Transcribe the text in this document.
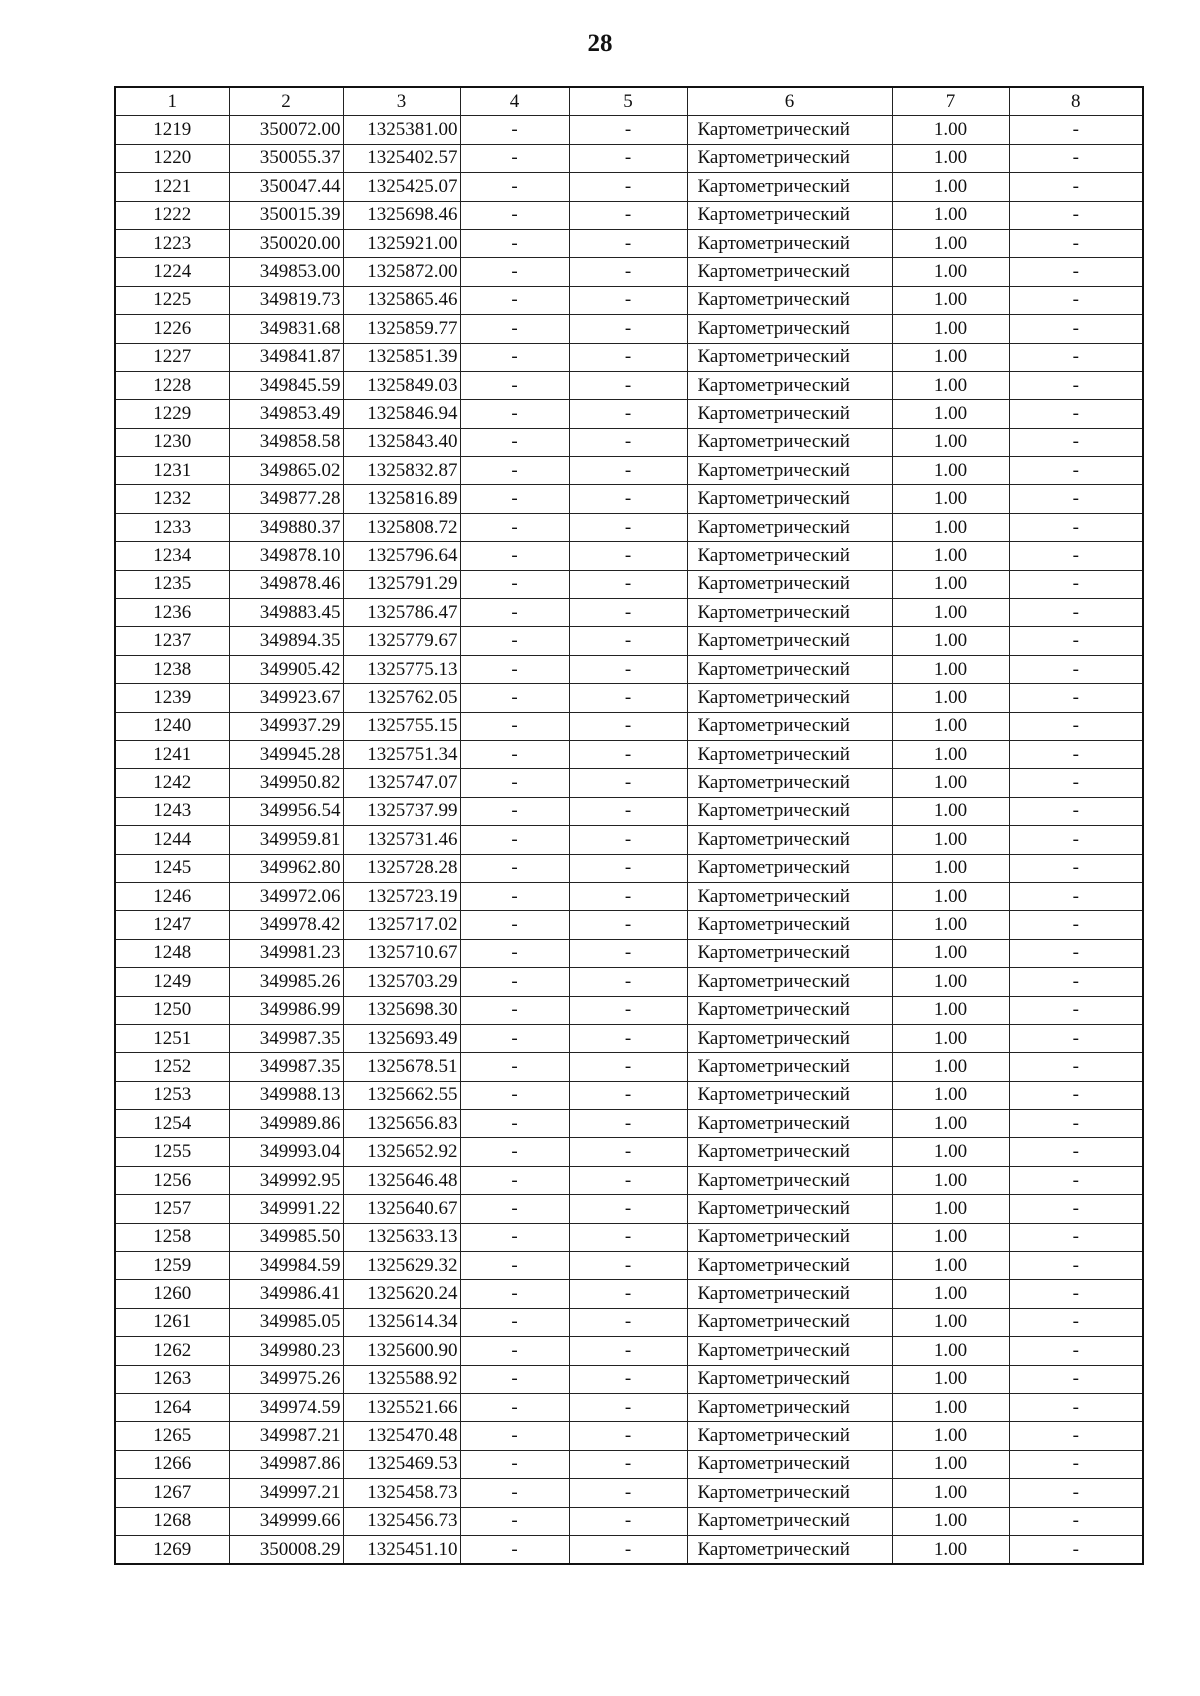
28
1	2	3	4	5	6	7	8
1219	350072.00	1325381.00	-	-	Картометрический	1.00	-
1220	350055.37	1325402.57	-	-	Картометрический	1.00	-
1221	350047.44	1325425.07	-	-	Картометрический	1.00	-
1222	350015.39	1325698.46	-	-	Картометрический	1.00	-
1223	350020.00	1325921.00	-	-	Картометрический	1.00	-
1224	349853.00	1325872.00	-	-	Картометрический	1.00	-
1225	349819.73	1325865.46	-	-	Картометрический	1.00	-
1226	349831.68	1325859.77	-	-	Картометрический	1.00	-
1227	349841.87	1325851.39	-	-	Картометрический	1.00	-
1228	349845.59	1325849.03	-	-	Картометрический	1.00	-
1229	349853.49	1325846.94	-	-	Картометрический	1.00	-
1230	349858.58	1325843.40	-	-	Картометрический	1.00	-
1231	349865.02	1325832.87	-	-	Картометрический	1.00	-
1232	349877.28	1325816.89	-	-	Картометрический	1.00	-
1233	349880.37	1325808.72	-	-	Картометрический	1.00	-
1234	349878.10	1325796.64	-	-	Картометрический	1.00	-
1235	349878.46	1325791.29	-	-	Картометрический	1.00	-
1236	349883.45	1325786.47	-	-	Картометрический	1.00	-
1237	349894.35	1325779.67	-	-	Картометрический	1.00	-
1238	349905.42	1325775.13	-	-	Картометрический	1.00	-
1239	349923.67	1325762.05	-	-	Картометрический	1.00	-
1240	349937.29	1325755.15	-	-	Картометрический	1.00	-
1241	349945.28	1325751.34	-	-	Картометрический	1.00	-
1242	349950.82	1325747.07	-	-	Картометрический	1.00	-
1243	349956.54	1325737.99	-	-	Картометрический	1.00	-
1244	349959.81	1325731.46	-	-	Картометрический	1.00	-
1245	349962.80	1325728.28	-	-	Картометрический	1.00	-
1246	349972.06	1325723.19	-	-	Картометрический	1.00	-
1247	349978.42	1325717.02	-	-	Картометрический	1.00	-
1248	349981.23	1325710.67	-	-	Картометрический	1.00	-
1249	349985.26	1325703.29	-	-	Картометрический	1.00	-
1250	349986.99	1325698.30	-	-	Картометрический	1.00	-
1251	349987.35	1325693.49	-	-	Картометрический	1.00	-
1252	349987.35	1325678.51	-	-	Картометрический	1.00	-
1253	349988.13	1325662.55	-	-	Картометрический	1.00	-
1254	349989.86	1325656.83	-	-	Картометрический	1.00	-
1255	349993.04	1325652.92	-	-	Картометрический	1.00	-
1256	349992.95	1325646.48	-	-	Картометрический	1.00	-
1257	349991.22	1325640.67	-	-	Картометрический	1.00	-
1258	349985.50	1325633.13	-	-	Картометрический	1.00	-
1259	349984.59	1325629.32	-	-	Картометрический	1.00	-
1260	349986.41	1325620.24	-	-	Картометрический	1.00	-
1261	349985.05	1325614.34	-	-	Картометрический	1.00	-
1262	349980.23	1325600.90	-	-	Картометрический	1.00	-
1263	349975.26	1325588.92	-	-	Картометрический	1.00	-
1264	349974.59	1325521.66	-	-	Картометрический	1.00	-
1265	349987.21	1325470.48	-	-	Картометрический	1.00	-
1266	349987.86	1325469.53	-	-	Картометрический	1.00	-
1267	349997.21	1325458.73	-	-	Картометрический	1.00	-
1268	349999.66	1325456.73	-	-	Картометрический	1.00	-
1269	350008.29	1325451.10	-	-	Картометрический	1.00	-
